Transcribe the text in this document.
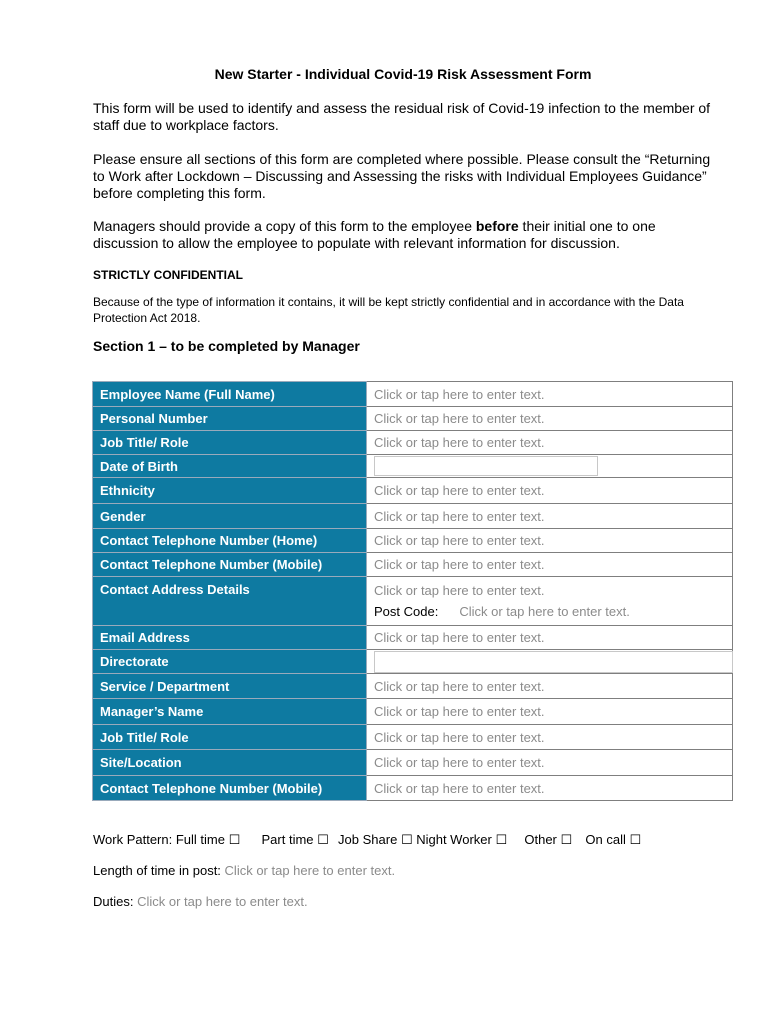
New Starter - Individual Covid-19 Risk Assessment Form
This form will be used to identify and assess the residual risk of Covid-19 infection to the member of staff due to workplace factors.
Please ensure all sections of this form are completed where possible. Please consult the “Returning to Work after Lockdown – Discussing and Assessing the risks with Individual Employees Guidance” before completing this form.
Managers should provide a copy of this form to the employee before their initial one to one discussion to allow the employee to populate with relevant information for discussion.
STRICTLY CONFIDENTIAL
Because of the type of information it contains, it will be kept strictly confidential and in accordance with the Data Protection Act 2018.
Section 1 – to be completed by Manager
Employee Name (Full Name)	Click or tap here to enter text.
Personal Number	Click or tap here to enter text.
Job Title/ Role	Click or tap here to enter text.
Date of Birth	
Ethnicity	Click or tap here to enter text.
Gender	Click or tap here to enter text.
Contact Telephone Number (Home)	Click or tap here to enter text.
Contact Telephone Number (Mobile)	Click or tap here to enter text.
Contact Address Details	Click or tap here to enter text.
Post Code: Click or tap here to enter text.

Email Address	Click or tap here to enter text.
Directorate	
Service / Department	Click or tap here to enter text.
Manager’s Name	Click or tap here to enter text.
Job Title/ Role	Click or tap here to enter text.
Site/Location	Click or tap here to enter text.
Contact Telephone Number (Mobile)	Click or tap here to enter text.
Work Pattern: Full time ☐ Part time ☐ Job Share ☐ Night Worker ☐ Other ☐ On call ☐
Length of time in post: Click or tap here to enter text.
Duties: Click or tap here to enter text.
